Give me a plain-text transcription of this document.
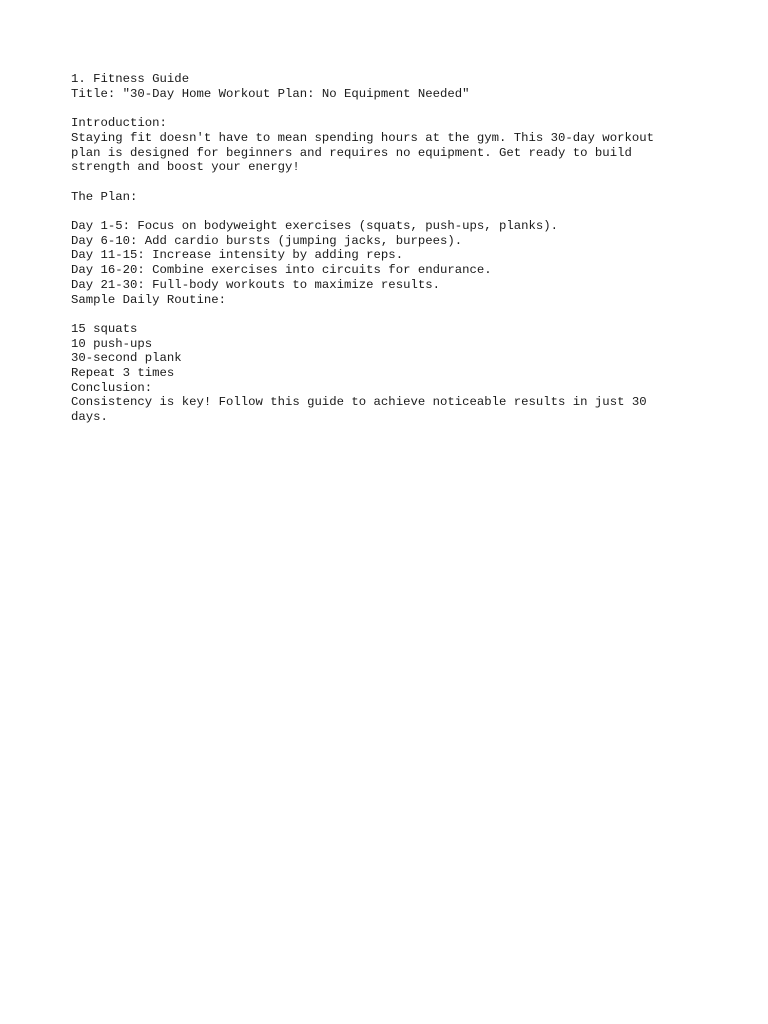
1. Fitness Guide
Title: "30-Day Home Workout Plan: No Equipment Needed"
Introduction:
Staying fit doesn't have to mean spending hours at the gym. This 30-day workout
plan is designed for beginners and requires no equipment. Get ready to build
strength and boost your energy!
The Plan:
Day 1-5: Focus on bodyweight exercises (squats, push-ups, planks).
Day 6-10: Add cardio bursts (jumping jacks, burpees).
Day 11-15: Increase intensity by adding reps.
Day 16-20: Combine exercises into circuits for endurance.
Day 21-30: Full-body workouts to maximize results.
Sample Daily Routine:
15 squats
10 push-ups
30-second plank
Repeat 3 times
Conclusion:
Consistency is key! Follow this guide to achieve noticeable results in just 30
days.
